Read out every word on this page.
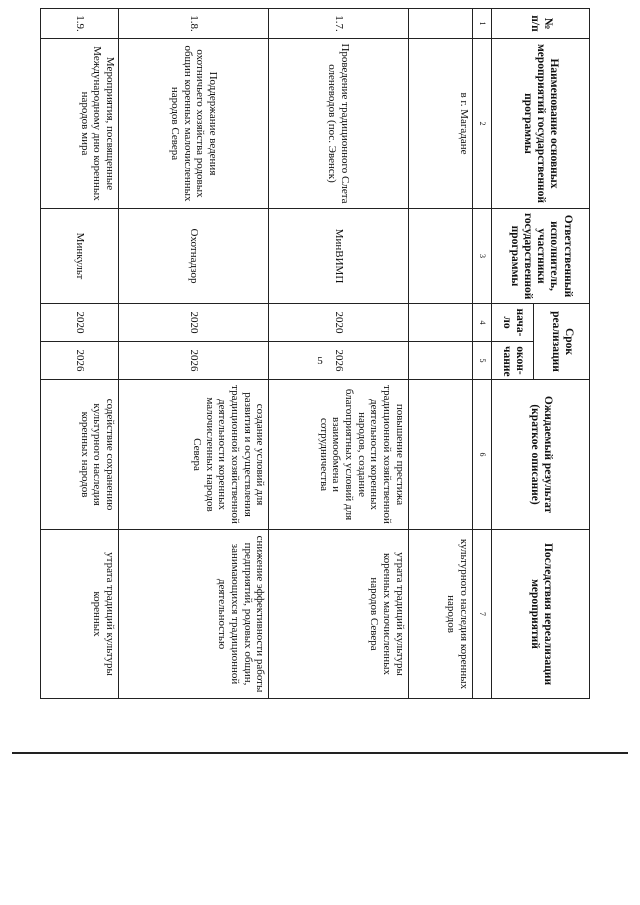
5
№ п/п	Наименование основных мероприятий государственной программы	Ответственный исполнитель, участники государственной программы	Срок реализации		Ожидаемый результат (краткое описание)	Последствия нереализации мероприятий
			нача-ло	окон-чание		
1	2	3	4	5	6	7
	в г. Магадане					культурного наследия коренных народов
1.7.	Проведение традиционного Слета оленеводов (пос. Эвенск)	МинВИМП	2020	2026	повышение престижа традиционной хозяйственной деятельности коренных народов, создание благоприятных условий для взаимообмена и сотрудничества	утрата традиций культуры коренных малочисленных народов Севера
1.8.	Поддержание ведения охотничьего хозяйства родовых общин коренных малочисленных народов Севера	Охотнадзор	2020	2026	создание условий для развития и осуществления традиционной хозяйственной деятельности коренных малочисленных народов Севера	снижение эффективности работы предприятий, родовых общин, занимающихся традиционной деятельностью
1.9.	Мероприятия, посвященные Международному дню коренных народов мира	Минкульт	2020	2026	содействие сохранению культурного наследия коренных народов	утрата традиций культуры коренных
